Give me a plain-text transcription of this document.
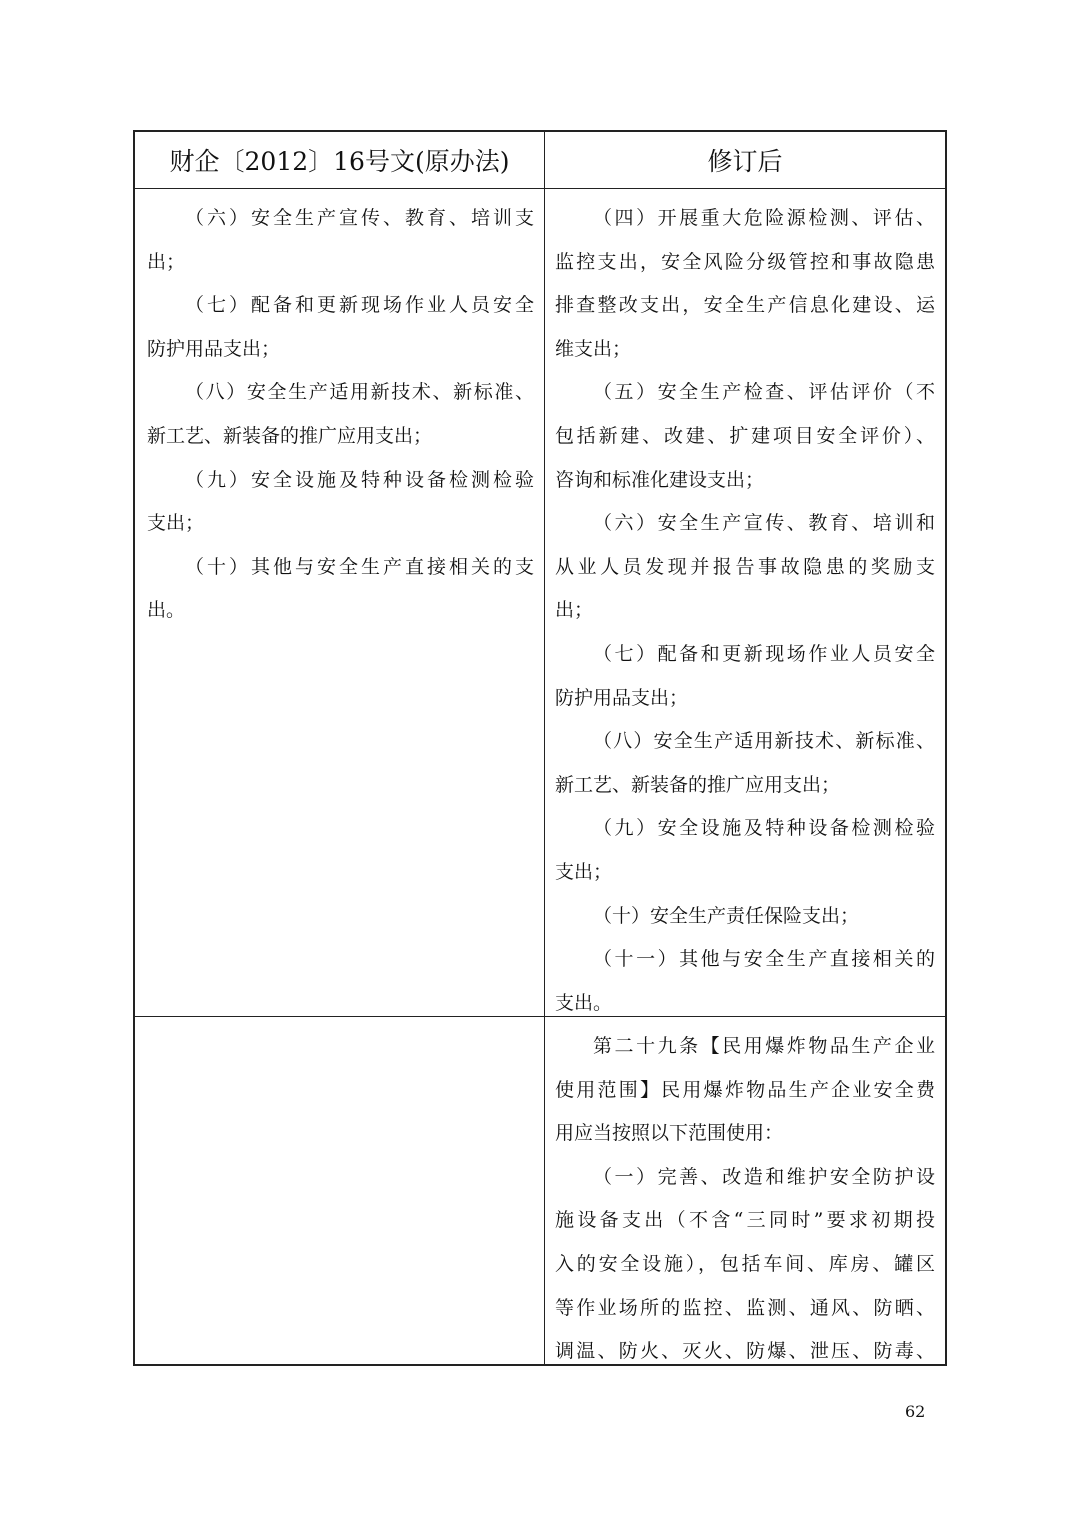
财企〔2012〕16号文(原办法)	修订后

（六）安全生产宣传、教育、培训支

出；

（七）配备和更新现场作业人员安全

防护用品支出；

（八）安全生产适用新技术、新标准、

新工艺、新装备的推广应用支出；

（九）安全设施及特种设备检测检验

支出；

（十）其他与安全生产直接相关的支

出。

（四）开展重大危险源检测、评估、

监控支出，安全风险分级管控和事故隐患

排查整改支出，安全生产信息化建设、运

维支出；

（五）安全生产检查、评估评价（不

包括新建、改建、扩建项目安全评价）、

咨询和标准化建设支出；

（六）安全生产宣传、教育、培训和

从业人员发现并报告事故隐患的奖励支

出；

（七）配备和更新现场作业人员安全

防护用品支出；

（八）安全生产适用新技术、新标准、

新工艺、新装备的推广应用支出；

（九）安全设施及特种设备检测检验

支出；

（十）安全生产责任保险支出；

（十一）其他与安全生产直接相关的

支出。

第二十九条【民用爆炸物品生产企业

使用范围】民用爆炸物品生产企业安全费

用应当按照以下范围使用：

（一）完善、改造和维护安全防护设

施设备支出（不含“三同时”要求初期投

入的安全设施），包括车间、库房、罐区

等作业场所的监控、监测、通风、防晒、

调温、防火、灭火、防爆、泄压、防毒、

62
